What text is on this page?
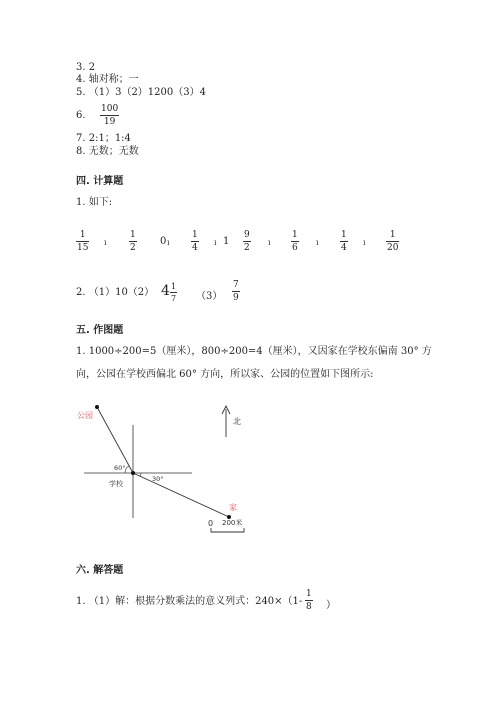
3. 2
4. 轴对称；一
5. （1）3（2）1200（3）4
6.
100
19
7. 2:1；1:4
8. 无数；无数
四. 计算题
1. 如下:
1
15
ı
1
2
0 ı
1
4
ı 1
9
2
ı
1
6
ı
1
4
ı
1
20
2. （1）10（2） 4 1
7 （3）
7
9
五. 作图题
1. 1000÷200=5（厘米），800÷200=4（厘米），又因家在学校东偏南 30° 方
向，公园在学校西偏北 60° 方向，所以家、公园的位置如下图所示:
公园
学校
家
北
60°
30°
0 200米
六. 解答题
1. （1）解：根据分数乘法的意义列式：240×（1-
1
8 ）
